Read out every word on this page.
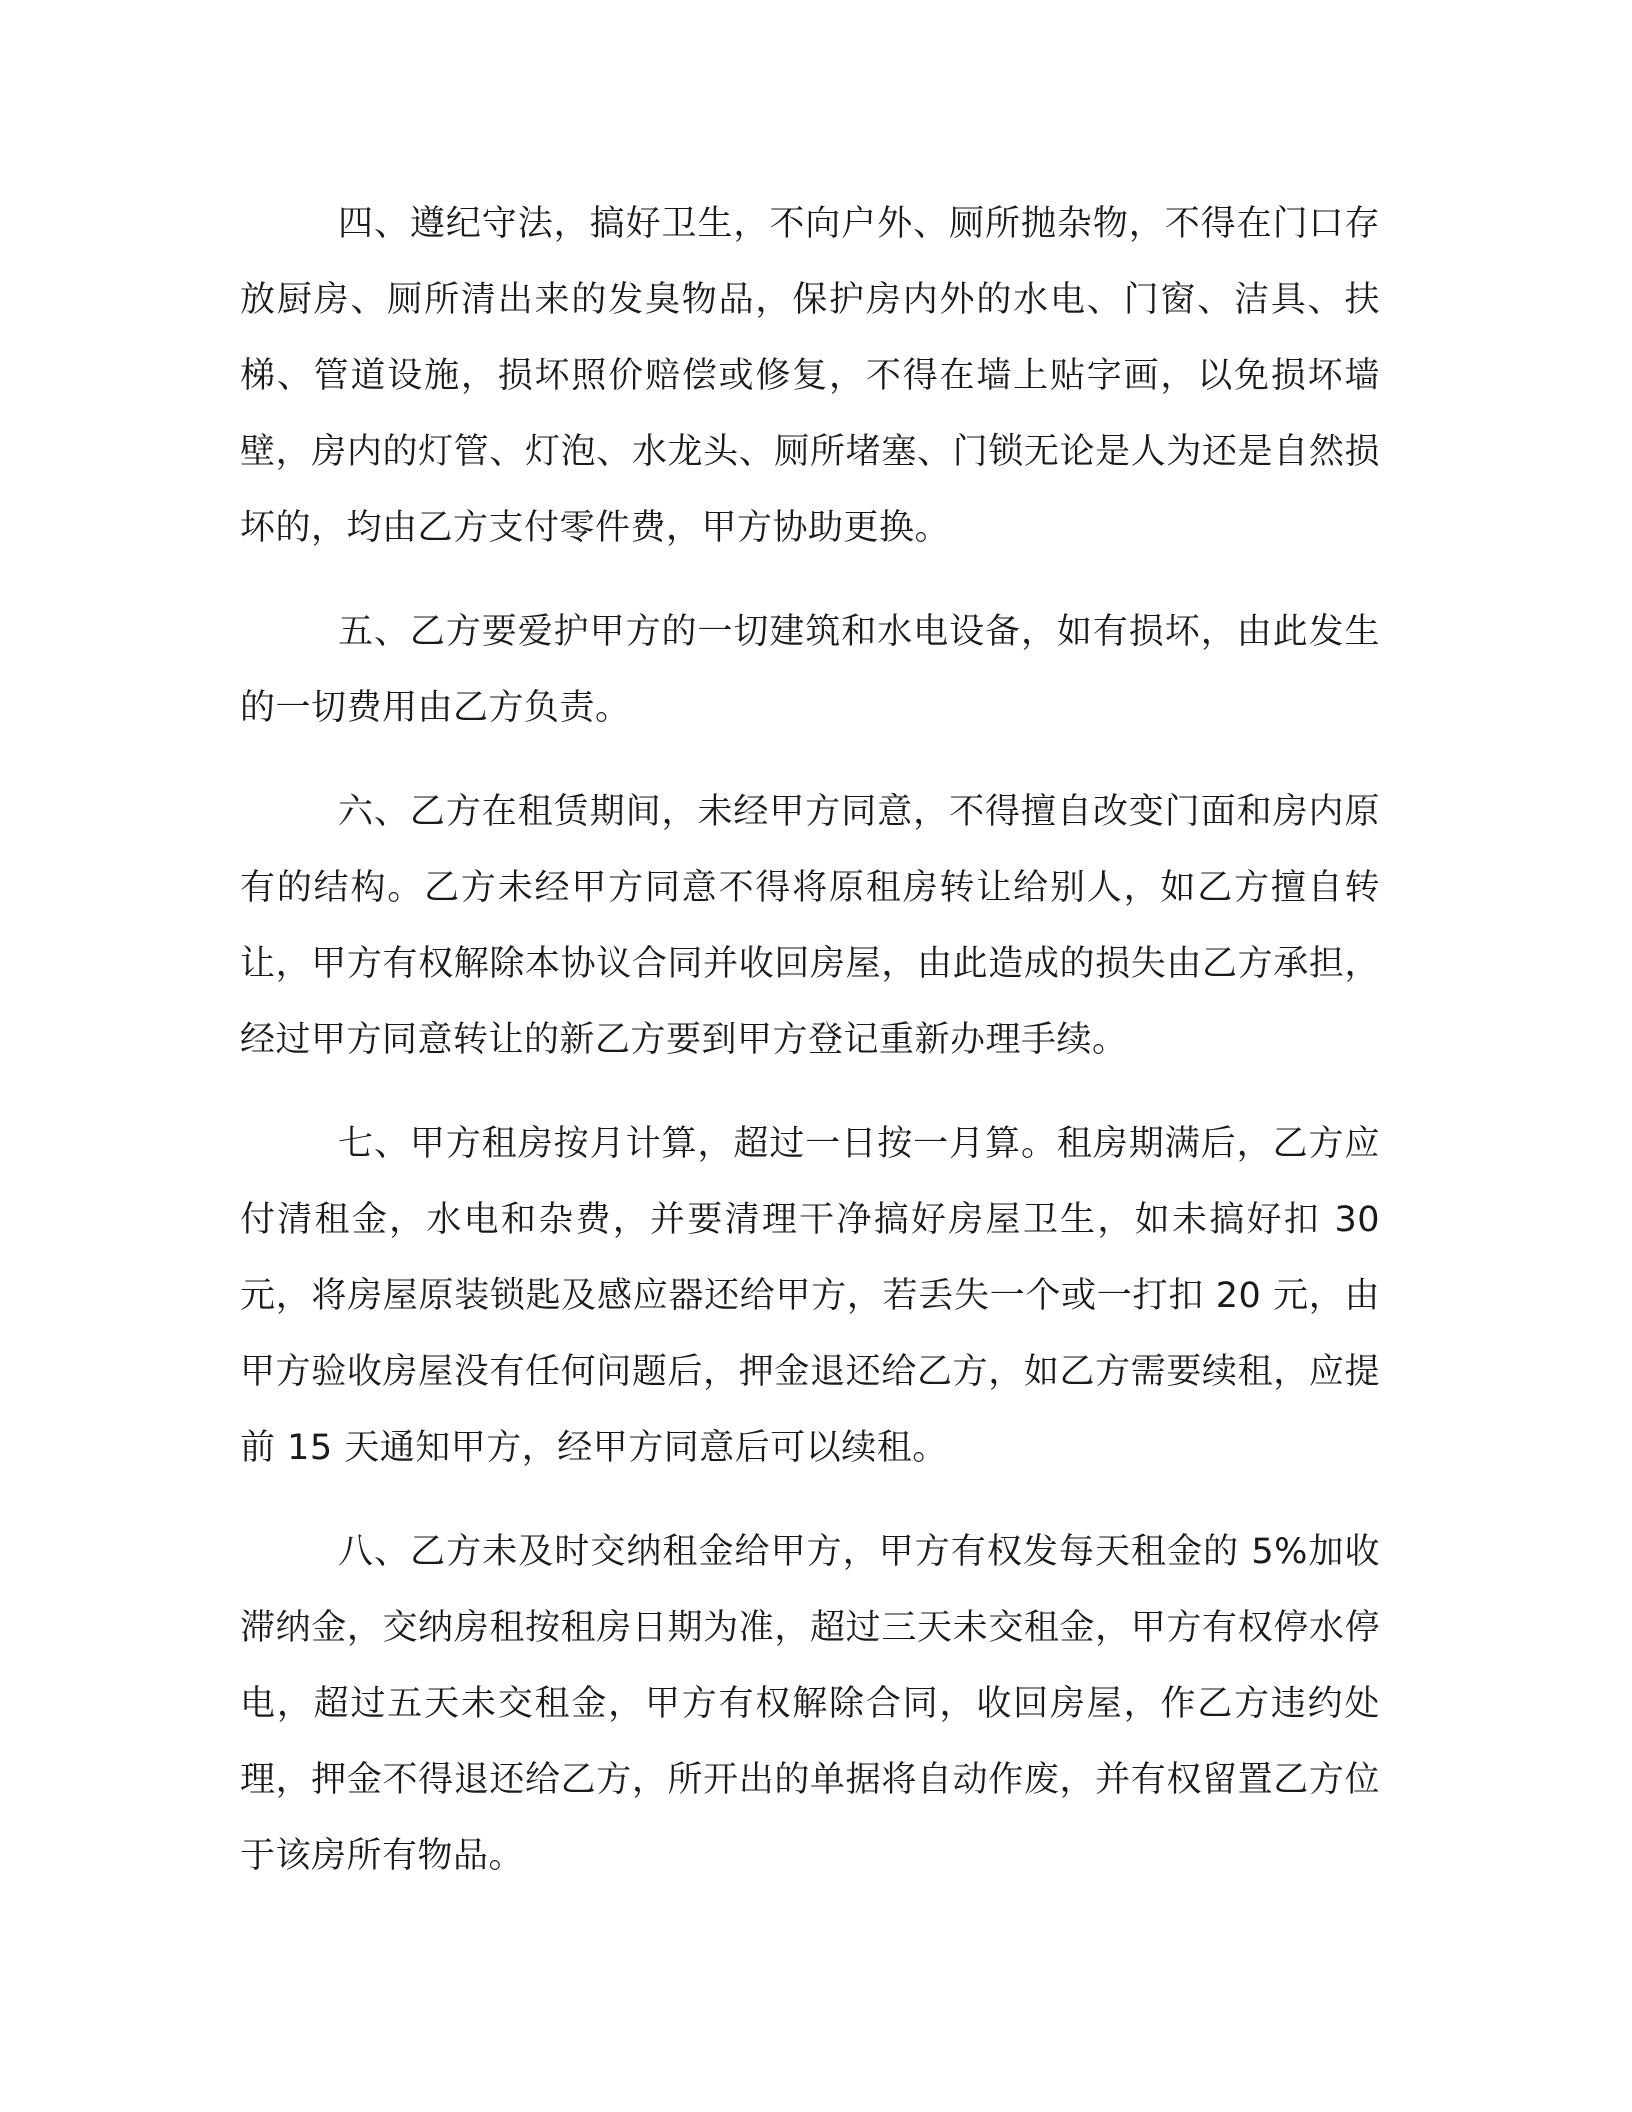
四、遵纪守法，搞好卫生，不向户外、厕所抛杂物，不得在门口存放厨房、厕所清出来的发臭物品，保护房内外的水电、门窗、洁具、扶梯、管道设施，损坏照价赔偿或修复，不得在墙上贴字画，以免损坏墙壁，房内的灯管、灯泡、水龙头、厕所堵塞、门锁无论是人为还是自然损坏的，均由乙方支付零件费，甲方协助更换。

五、乙方要爱护甲方的一切建筑和水电设备，如有损坏，由此发生的一切费用由乙方负责。

六、乙方在租赁期间，未经甲方同意，不得擅自改变门面和房内原有的结构。乙方未经甲方同意不得将原租房转让给别人，如乙方擅自转让，甲方有权解除本协议合同并收回房屋，由此造成的损失由乙方承担，经过甲方同意转让的新乙方要到甲方登记重新办理手续。

七、甲方租房按月计算，超过一日按一月算。租房期满后，乙方应付清租金，水电和杂费，并要清理干净搞好房屋卫生，如未搞好扣 30 元，将房屋原装锁匙及感应器还给甲方，若丢失一个或一打扣 20 元，由甲方验收房屋没有任何问题后，押金退还给乙方，如乙方需要续租，应提前 15 天通知甲方，经甲方同意后可以续租。

八、乙方未及时交纳租金给甲方，甲方有权发每天租金的 5%加收滞纳金，交纳房租按租房日期为准，超过三天未交租金，甲方有权停水停电，超过五天未交租金，甲方有权解除合同，收回房屋，作乙方违约处理，押金不得退还给乙方，所开出的单据将自动作废，并有权留置乙方位于该房所有物品。
